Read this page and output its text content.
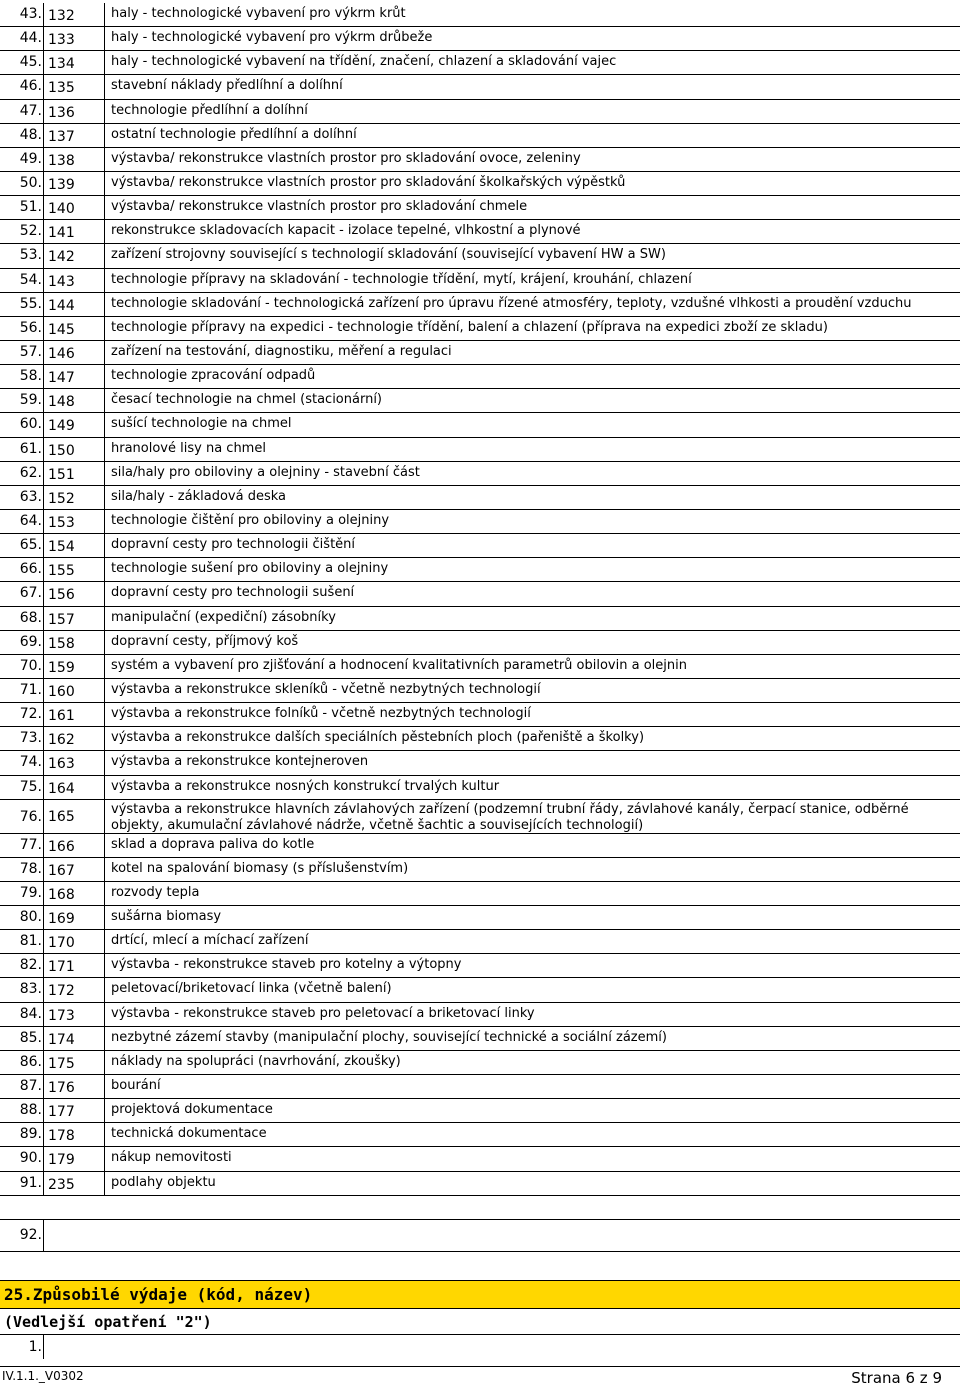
43. 132	haly - technologické vybavení pro výkrm krůt
44. 133	haly - technologické vybavení pro výkrm drůbeže
45. 134	haly - technologické vybavení na třídění, značení, chlazení a skladování vajec
46. 135	stavební náklady předlíhní a dolíhní
47. 136	technologie předlíhní a dolíhní
48. 137	ostatní technologie předlíhní a dolíhní
49. 138	výstavba/ rekonstrukce vlastních prostor pro skladování ovoce, zeleniny
50. 139	výstavba/ rekonstrukce vlastních prostor pro skladování školkařských výpěstků
51. 140	výstavba/ rekonstrukce vlastních prostor pro skladování chmele
52. 141	rekonstrukce skladovacích kapacit - izolace tepelné, vlhkostní a plynové
53. 142	zařízení strojovny související s technologií skladování (související vybavení HW a SW)
54. 143	technologie přípravy na skladování - technologie třídění, mytí, krájení, krouhání, chlazení
55. 144	technologie skladování - technologická zařízení pro úpravu řízené atmosféry, teploty, vzdušné vlhkosti a proudění vzduchu
56. 145	technologie přípravy na expedici - technologie třídění, balení a chlazení (příprava na expedici zboží ze skladu)
57. 146	zařízení na testování, diagnostiku, měření a regulaci
58. 147	technologie zpracování odpadů
59. 148	česací technologie na chmel (stacionární)
60. 149	sušící technologie na chmel
61. 150	hranolové lisy na chmel
62. 151	sila/haly pro obiloviny a olejniny - stavební část
63. 152	sila/haly - základová deska
64. 153	technologie čištění pro obiloviny a olejniny
65. 154	dopravní cesty pro technologii čištění
66. 155	technologie sušení pro obiloviny a olejniny
67. 156	dopravní cesty pro technologii sušení
68. 157	manipulační (expediční) zásobníky
69. 158	dopravní cesty, příjmový koš
70. 159	systém a vybavení pro zjišťování a hodnocení kvalitativních parametrů obilovin a olejnin
71. 160	výstavba a rekonstrukce skleníků - včetně nezbytných technologií
72. 161	výstavba a rekonstrukce folníků - včetně nezbytných technologií
73. 162	výstavba a rekonstrukce dalších speciálních pěstebních ploch (pařeniště a školky)
74. 163	výstavba a rekonstrukce kontejneroven
75. 164	výstavba a rekonstrukce nosných konstrukcí trvalých kultur
76. 165	výstavba a rekonstrukce hlavních závlahových zařízení (podzemní trubní řády, závlahové kanály, čerpací stanice, odběrné objekty, akumulační závlahové nádrže, včetně šachtic a souvisejících technologií)
77. 166	sklad a doprava paliva do kotle
78. 167	kotel na spalování biomasy (s příslušenstvím)
79. 168	rozvody tepla
80. 169	sušárna biomasy
81. 170	drtící, mlecí a míchací zařízení
82. 171	výstavba - rekonstrukce staveb pro kotelny a výtopny
83. 172	peletovací/briketovací linka (včetně balení)
84. 173	výstavba - rekonstrukce staveb pro peletovací a briketovací linky
85. 174	nezbytné zázemí stavby (manipulační plochy, související technické a sociální zázemí)
86. 175	náklady na spolupráci (navrhování, zkoušky)
87. 176	bourání
88. 177	projektová dokumentace
89. 178	technická dokumentace
90. 179	nákup nemovitosti
91. 235	podlahy objektu
92.
25.Způsobilé výdaje (kód, název)
(Vedlejší opatření "2")
1.
IV.1.1._V0302	Strana 6 z 9
